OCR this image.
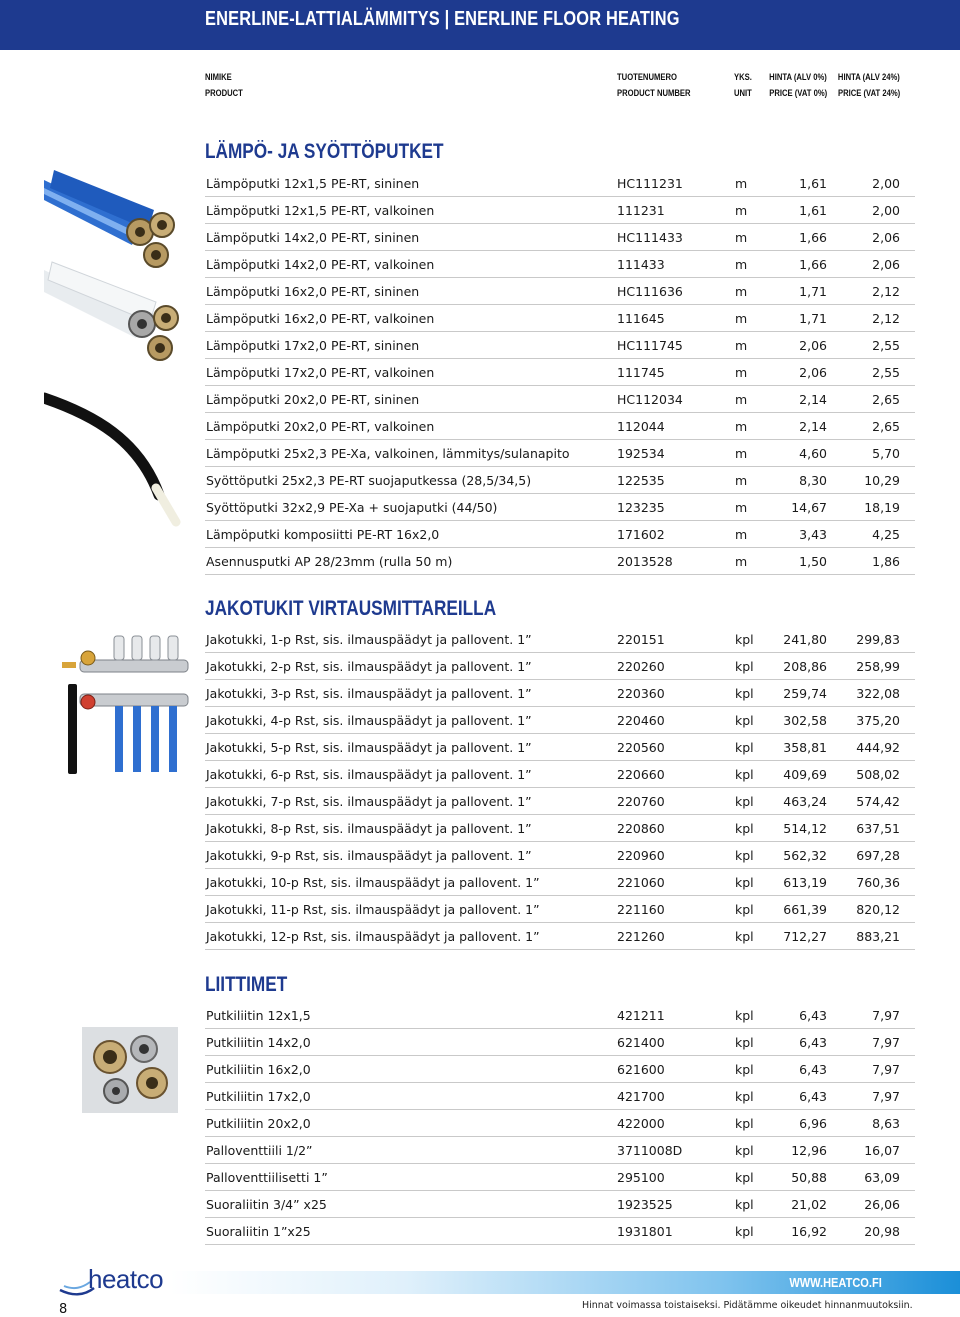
ENERLINE-LATTIALÄMMITYS | ENERLINE FLOOR HEATING
NIMIKE	TUOTENUMERO	YKS. HINTA (ALV 0%) HINTA (ALV 24%)
PRODUCT	PRODUCT NUMBER	UNIT PRICE (VAT 0%) PRICE (VAT 24%)
LÄMPÖ- JA SYÖTTÖPUTKET
JAKOTUKIT VIRTAUSMITTAREILLA
LIITTIMET
Lämpöputki 12x1,5 PE-RT, sininen	HC111231	m	1,61	2,00
Lämpöputki 12x1,5 PE-RT, valkoinen	111231	m	1,61	2,00
Lämpöputki 14x2,0 PE-RT, sininen	HC111433	m	1,66	2,06
Lämpöputki 14x2,0 PE-RT, valkoinen	111433	m	1,66	2,06
Lämpöputki 16x2,0 PE-RT, sininen	HC111636	m	1,71	2,12
Lämpöputki 16x2,0 PE-RT, valkoinen	111645	m	1,71	2,12
Lämpöputki 17x2,0 PE-RT, sininen	HC111745	m	2,06	2,55
Lämpöputki 17x2,0 PE-RT, valkoinen	111745	m	2,06	2,55
Lämpöputki 20x2,0 PE-RT, sininen	HC112034	m	2,14	2,65
Lämpöputki 20x2,0 PE-RT, valkoinen	112044	m	2,14	2,65
Lämpöputki 25x2,3 PE-Xa, valkoinen, lämmitys/sulanapito	192534	m	4,60	5,70
Syöttöputki 25x2,3 PE-RT suojaputkessa (28,5/34,5)	122535	m	8,30	10,29
Syöttöputki 32x2,9 PE-Xa + suojaputki (44/50)	123235	m	14,67	18,19
Lämpöputki komposiitti PE-RT 16x2,0	171602	m	3,43	4,25
Asennusputki AP 28/23mm (rulla 50 m)	2013528	m	1,50	1,86
Jakotukki, 1-p Rst, sis. ilmauspäädyt ja pallovent. 1”	220151	kpl 241,80 299,83
Jakotukki, 2-p Rst, sis. ilmauspäädyt ja pallovent. 1”	220260	kpl 208,86 258,99
Jakotukki, 3-p Rst, sis. ilmauspäädyt ja pallovent. 1”	220360	kpl 259,74 322,08
Jakotukki, 4-p Rst, sis. ilmauspäädyt ja pallovent. 1”	220460	kpl 302,58 375,20
Jakotukki, 5-p Rst, sis. ilmauspäädyt ja pallovent. 1”	220560	kpl 358,81 444,92
Jakotukki, 6-p Rst, sis. ilmauspäädyt ja pallovent. 1”	220660	kpl 409,69 508,02
Jakotukki, 7-p Rst, sis. ilmauspäädyt ja pallovent. 1”	220760	kpl 463,24 574,42
Jakotukki, 8-p Rst, sis. ilmauspäädyt ja pallovent. 1”	220860	kpl 514,12 637,51
Jakotukki, 9-p Rst, sis. ilmauspäädyt ja pallovent. 1”	220960	kpl 562,32 697,28
Jakotukki, 10-p Rst, sis. ilmauspäädyt ja pallovent. 1”	221060	kpl 613,19 760,36
Jakotukki, 11-p Rst, sis. ilmauspäädyt ja pallovent. 1”	221160	kpl 661,39 820,12
Jakotukki, 12-p Rst, sis. ilmauspäädyt ja pallovent. 1”	221260	kpl 712,27 883,21
Putkiliitin 12x1,5	421211	kpl	6,43	7,97
Putkiliitin 14x2,0	621400	kpl	6,43	7,97
Putkiliitin 16x2,0	621600	kpl	6,43	7,97
Putkiliitin 17x2,0	421700	kpl	6,43	7,97
Putkiliitin 20x2,0	422000	kpl	6,96	8,63
Palloventtiili 1/2”	3711008D	kpl	12,96	16,07
Palloventtiilisetti 1”	295100	kpl	50,88	63,09
Suoraliitin 3/4” x25	1923525	kpl	21,02	26,06
Suoraliitin 1”x25	1931801	kpl	16,92	20,98
WWW.HEATCO.FI
Hinnat voimassa toistaiseksi. Pidätämme oikeudet hinnanmuutoksiin.
8
heatco
